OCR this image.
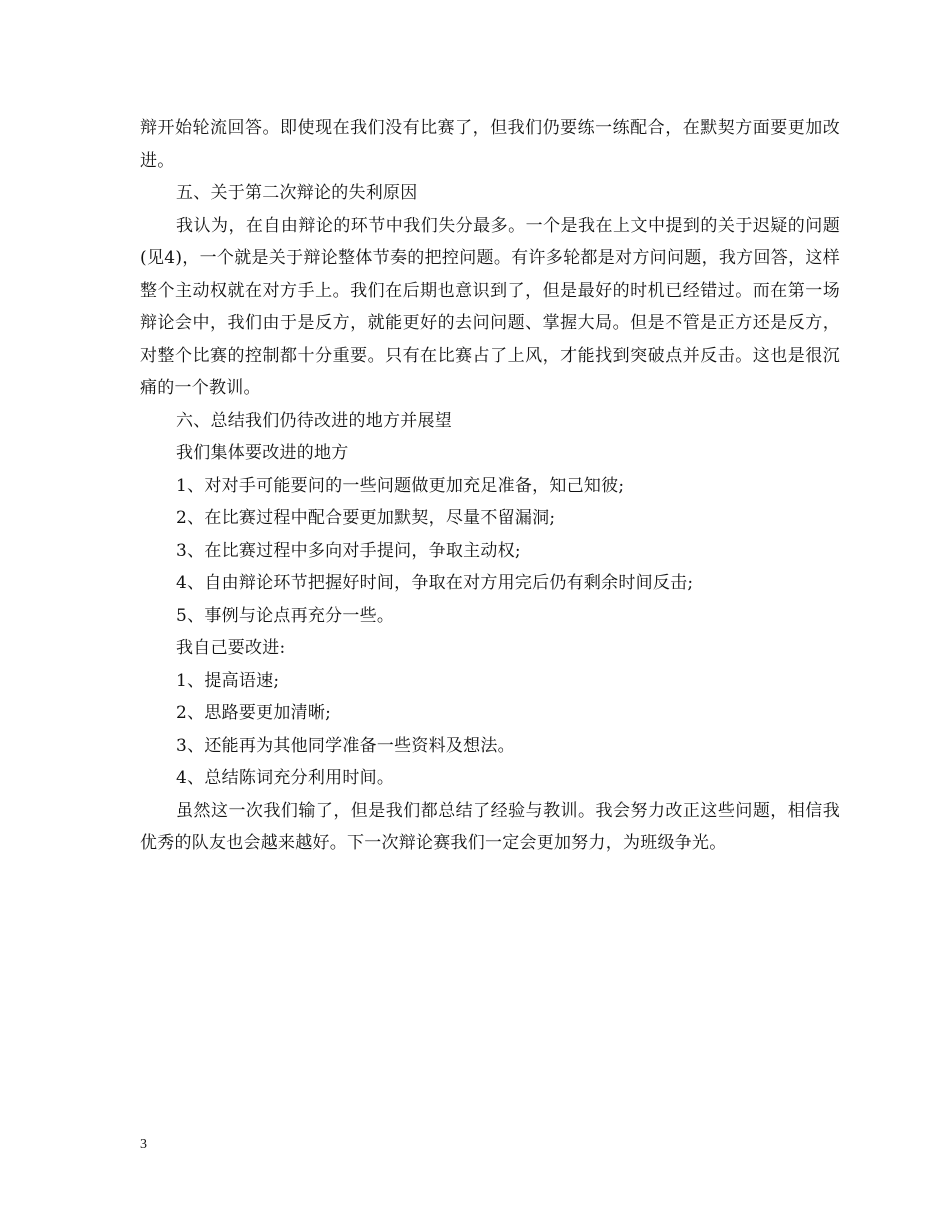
辩开始轮流回答。即使现在我们没有比赛了，但我们仍要练一练配合，在默契方面要更加改进。

五、关于第二次辩论的失利原因

我认为，在自由辩论的环节中我们失分最多。一个是我在上文中提到的关于迟疑的问题(见4)，一个就是关于辩论整体节奏的把控问题。有许多轮都是对方问问题，我方回答，这样整个主动权就在对方手上。我们在后期也意识到了，但是最好的时机已经错过。而在第一场辩论会中，我们由于是反方，就能更好的去问问题、掌握大局。但是不管是正方还是反方，对整个比赛的控制都十分重要。只有在比赛占了上风，才能找到突破点并反击。这也是很沉痛的一个教训。

六、总结我们仍待改进的地方并展望

我们集体要改进的地方

1、对对手可能要问的一些问题做更加充足准备，知己知彼;

2、在比赛过程中配合要更加默契，尽量不留漏洞;

3、在比赛过程中多向对手提问，争取主动权;

4、自由辩论环节把握好时间，争取在对方用完后仍有剩余时间反击;

5、事例与论点再充分一些。

我自己要改进:

1、提高语速;

2、思路要更加清晰;

3、还能再为其他同学准备一些资料及想法。

4、总结陈词充分利用时间。

虽然这一次我们输了，但是我们都总结了经验与教训。我会努力改正这些问题，相信我优秀的队友也会越来越好。下一次辩论赛我们一定会更加努力，为班级争光。

3
